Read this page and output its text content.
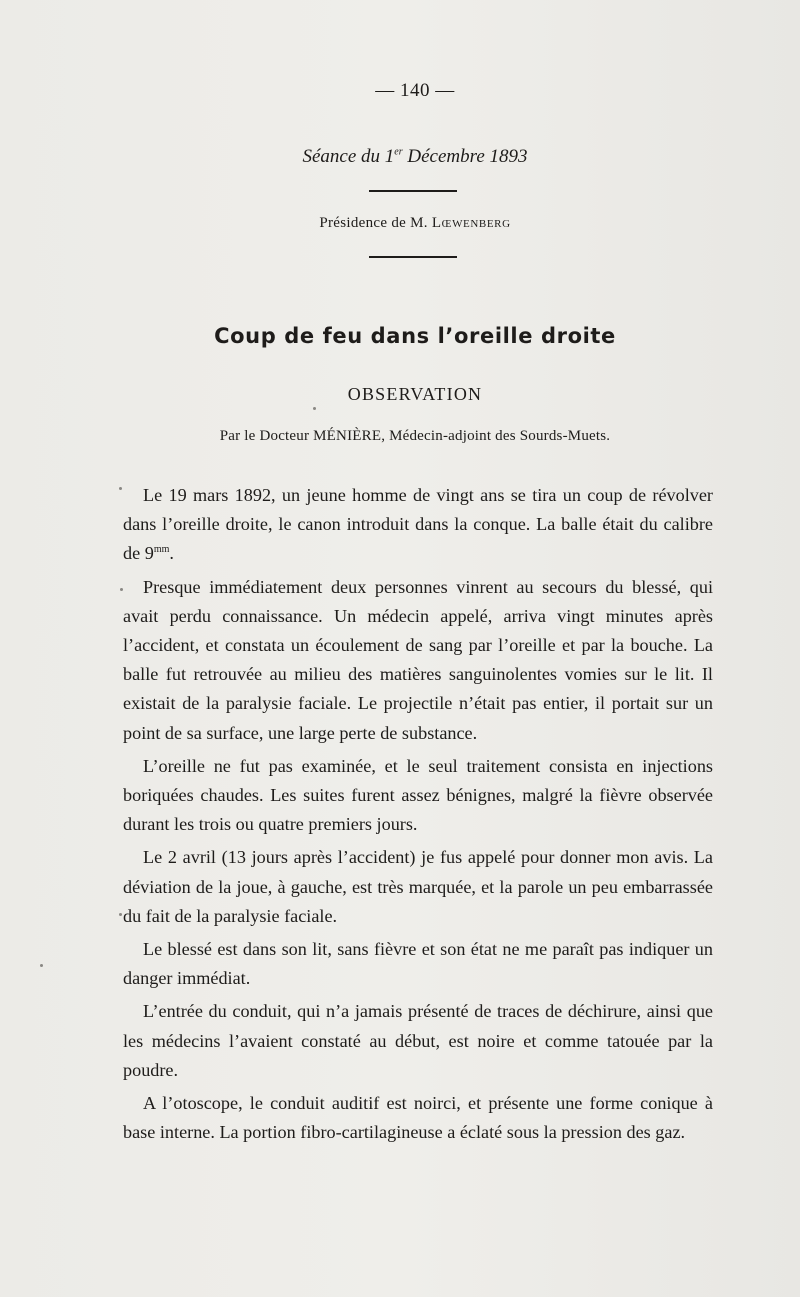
— 140 —
Séance du 1er Décembre 1893
Présidence de M. Lœwenberg
Coup de feu dans l’oreille droite
OBSERVATION
Par le Docteur MÉNIÈRE, Médecin-adjoint des Sourds-Muets.

Le 19 mars 1892, un jeune homme de vingt ans se tira un coup de révolver dans l’oreille droite, le canon introduit dans la conque. La balle était du calibre de $9^{mm}$.

Presque immédiatement deux personnes vinrent au secours du blessé, qui avait perdu connaissance. Un médecin appelé, arriva vingt minutes après l’accident, et constata un écoulement de sang par l’oreille et par la bouche. La balle fut retrouvée au milieu des matières sanguinolentes vomies sur le lit. Il existait de la paralysie faciale. Le projectile n’était pas entier, il portait sur un point de sa surface, une large perte de substance.

L’oreille ne fut pas examinée, et le seul traitement consista en injections boriquées chaudes. Les suites furent assez bénignes, malgré la fièvre observée durant les trois ou quatre premiers jours.

Le 2 avril (13 jours après l’accident) je fus appelé pour donner mon avis. La déviation de la joue, à gauche, est très marquée, et la parole un peu embarrassée du fait de la paralysie faciale.

Le blessé est dans son lit, sans fièvre et son état ne me paraît pas indiquer un danger immédiat.

L’entrée du conduit, qui n’a jamais présenté de traces de déchirure, ainsi que les médecins l’avaient constaté au début, est noire et comme tatouée par la poudre.

A l’otoscope, le conduit auditif est noirci, et présente une forme conique à base interne. La portion fibro-cartilagineuse a éclaté sous la pression des gaz.
